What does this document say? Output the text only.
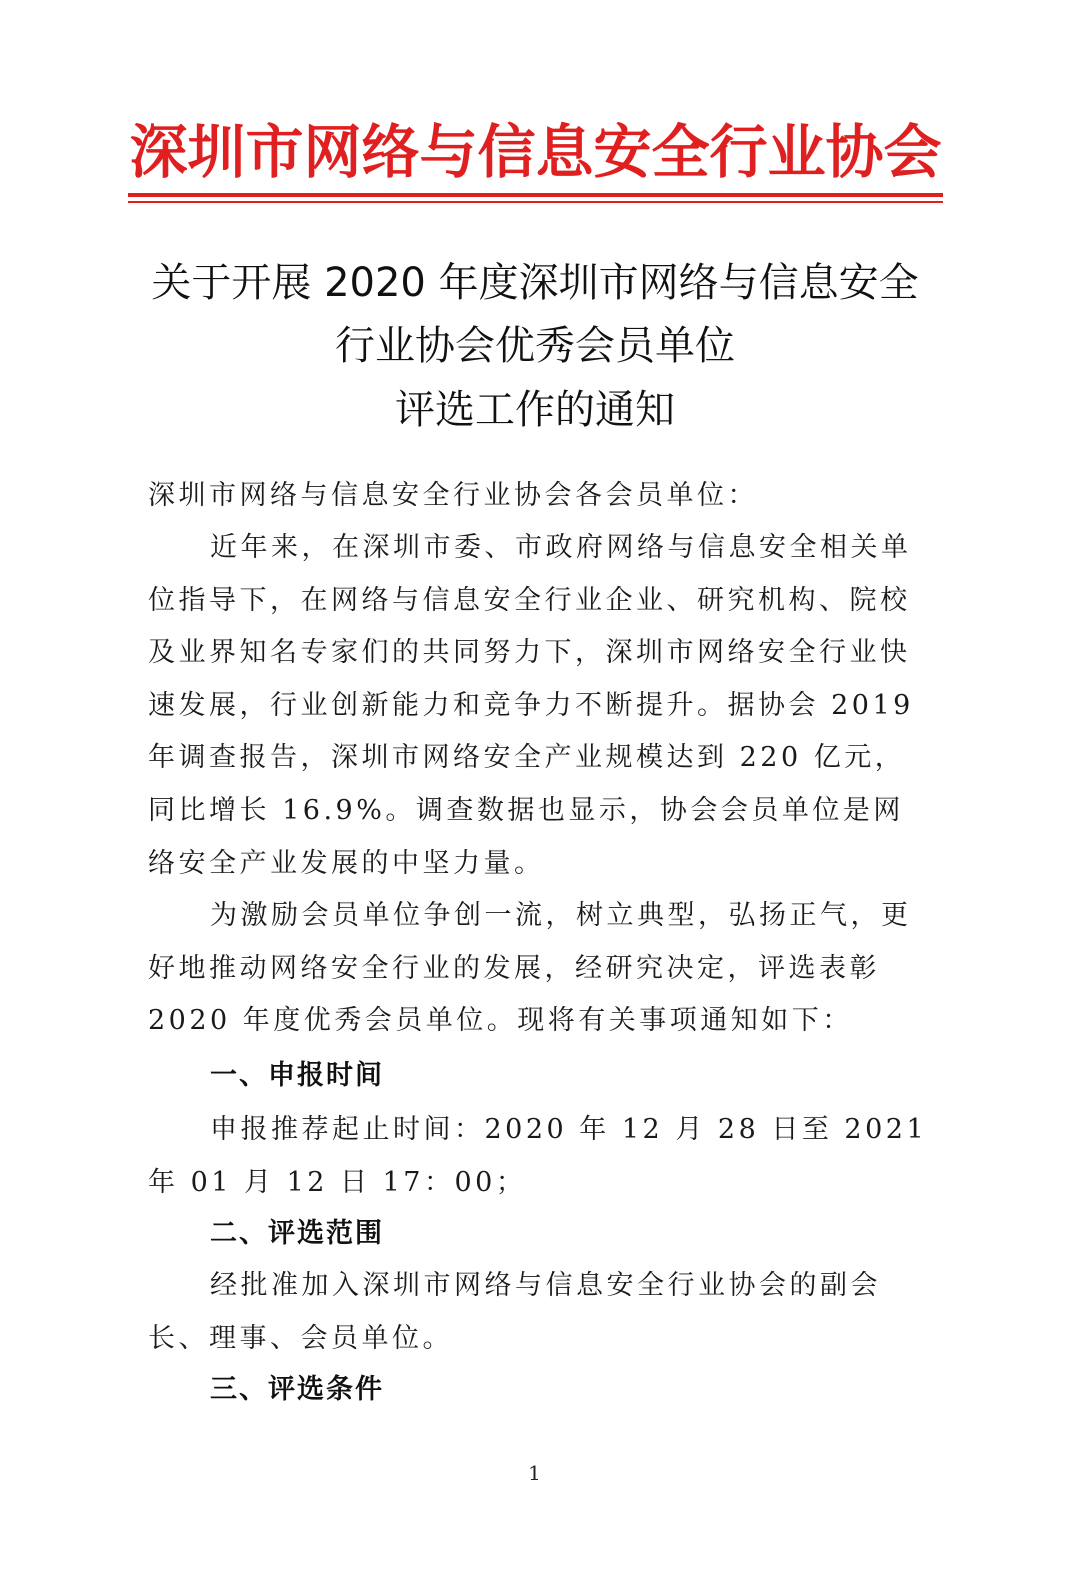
深圳市网络与信息安全行业协会
关于开展 2020 年度深圳市网络与信息安全
行业协会优秀会员单位
评选工作的通知

深圳市网络与信息安全行业协会各会员单位：

近年来，在深圳市委、市政府网络与信息安全相关单位指导下，在网络与信息安全行业企业、研究机构、院校及业界知名专家们的共同努力下，深圳市网络安全行业快速发展，行业创新能力和竞争力不断提升。据协会 2019 年调查报告，深圳市网络安全产业规模达到 220 亿元，同比增长 16.9%。调查数据也显示，协会会员单位是网络安全产业发展的中坚力量。

为激励会员单位争创一流，树立典型，弘扬正气，更好地推动网络安全行业的发展，经研究决定，评选表彰 2020 年度优秀会员单位。现将有关事项通知如下：

一、申报时间

申报推荐起止时间：2020 年 12 月 28 日至 2021 年 01 月 12 日 17：00；

二、评选范围

经批准加入深圳市网络与信息安全行业协会的副会长、理事、会员单位。

三、评选条件
1
